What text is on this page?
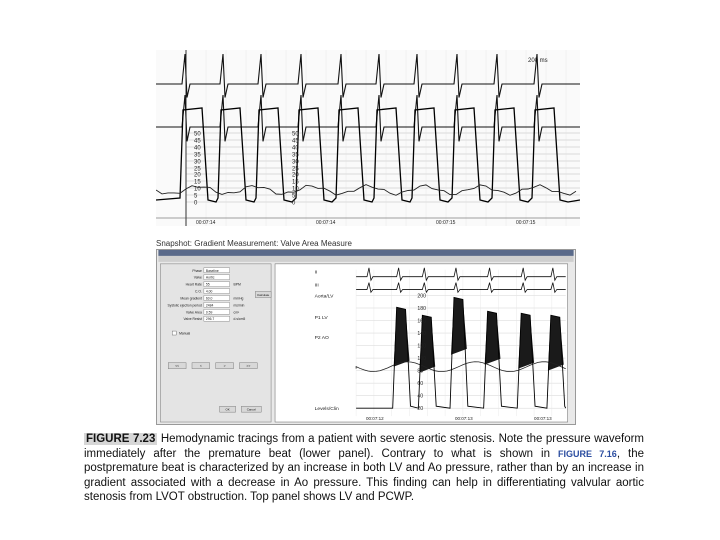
200 ms
50
45
40
35
30
25
20
15
10
5
0
50
45
40
35
30
25
20
15
10
5
0
00:07:14	00:07:14	00:07:15	00:07:15
Snapshot: Gradient Measurement: Valve Area Measure
Phase Baseline
Valve Aortic
Heart Rate 55	BPM
C.O. 4.00
Mean gradient 60.0	mmHg
Systolic ejection period 2484	ms/min
Valve Area 0.59	cm²
Valve Resist 296.7	d.s/cm5
Calculate
Manual
<<	<	>	>>
OK	Cancel
II
III
Aorta/LV
P1 LV
P2 AO
Levels/Clin
200
180
160
140
120
100
80
60
40
20
00:07:12	00:07:13	00:07:13
FIGURE 7.23 Hemodynamic tracings from a patient with severe aortic stenosis. Note the pressure waveform immediately after the premature beat (lower panel). Contrary to what is shown in FIGURE 7.16, the postpremature beat is characterized by an increase in both LV and Ao pressure, rather than by an increase in gradient associated with a decrease in Ao pressure. This finding can help in differentiating valvular aortic stenosis from LVOT obstruction. Top panel shows LV and PCWP.
